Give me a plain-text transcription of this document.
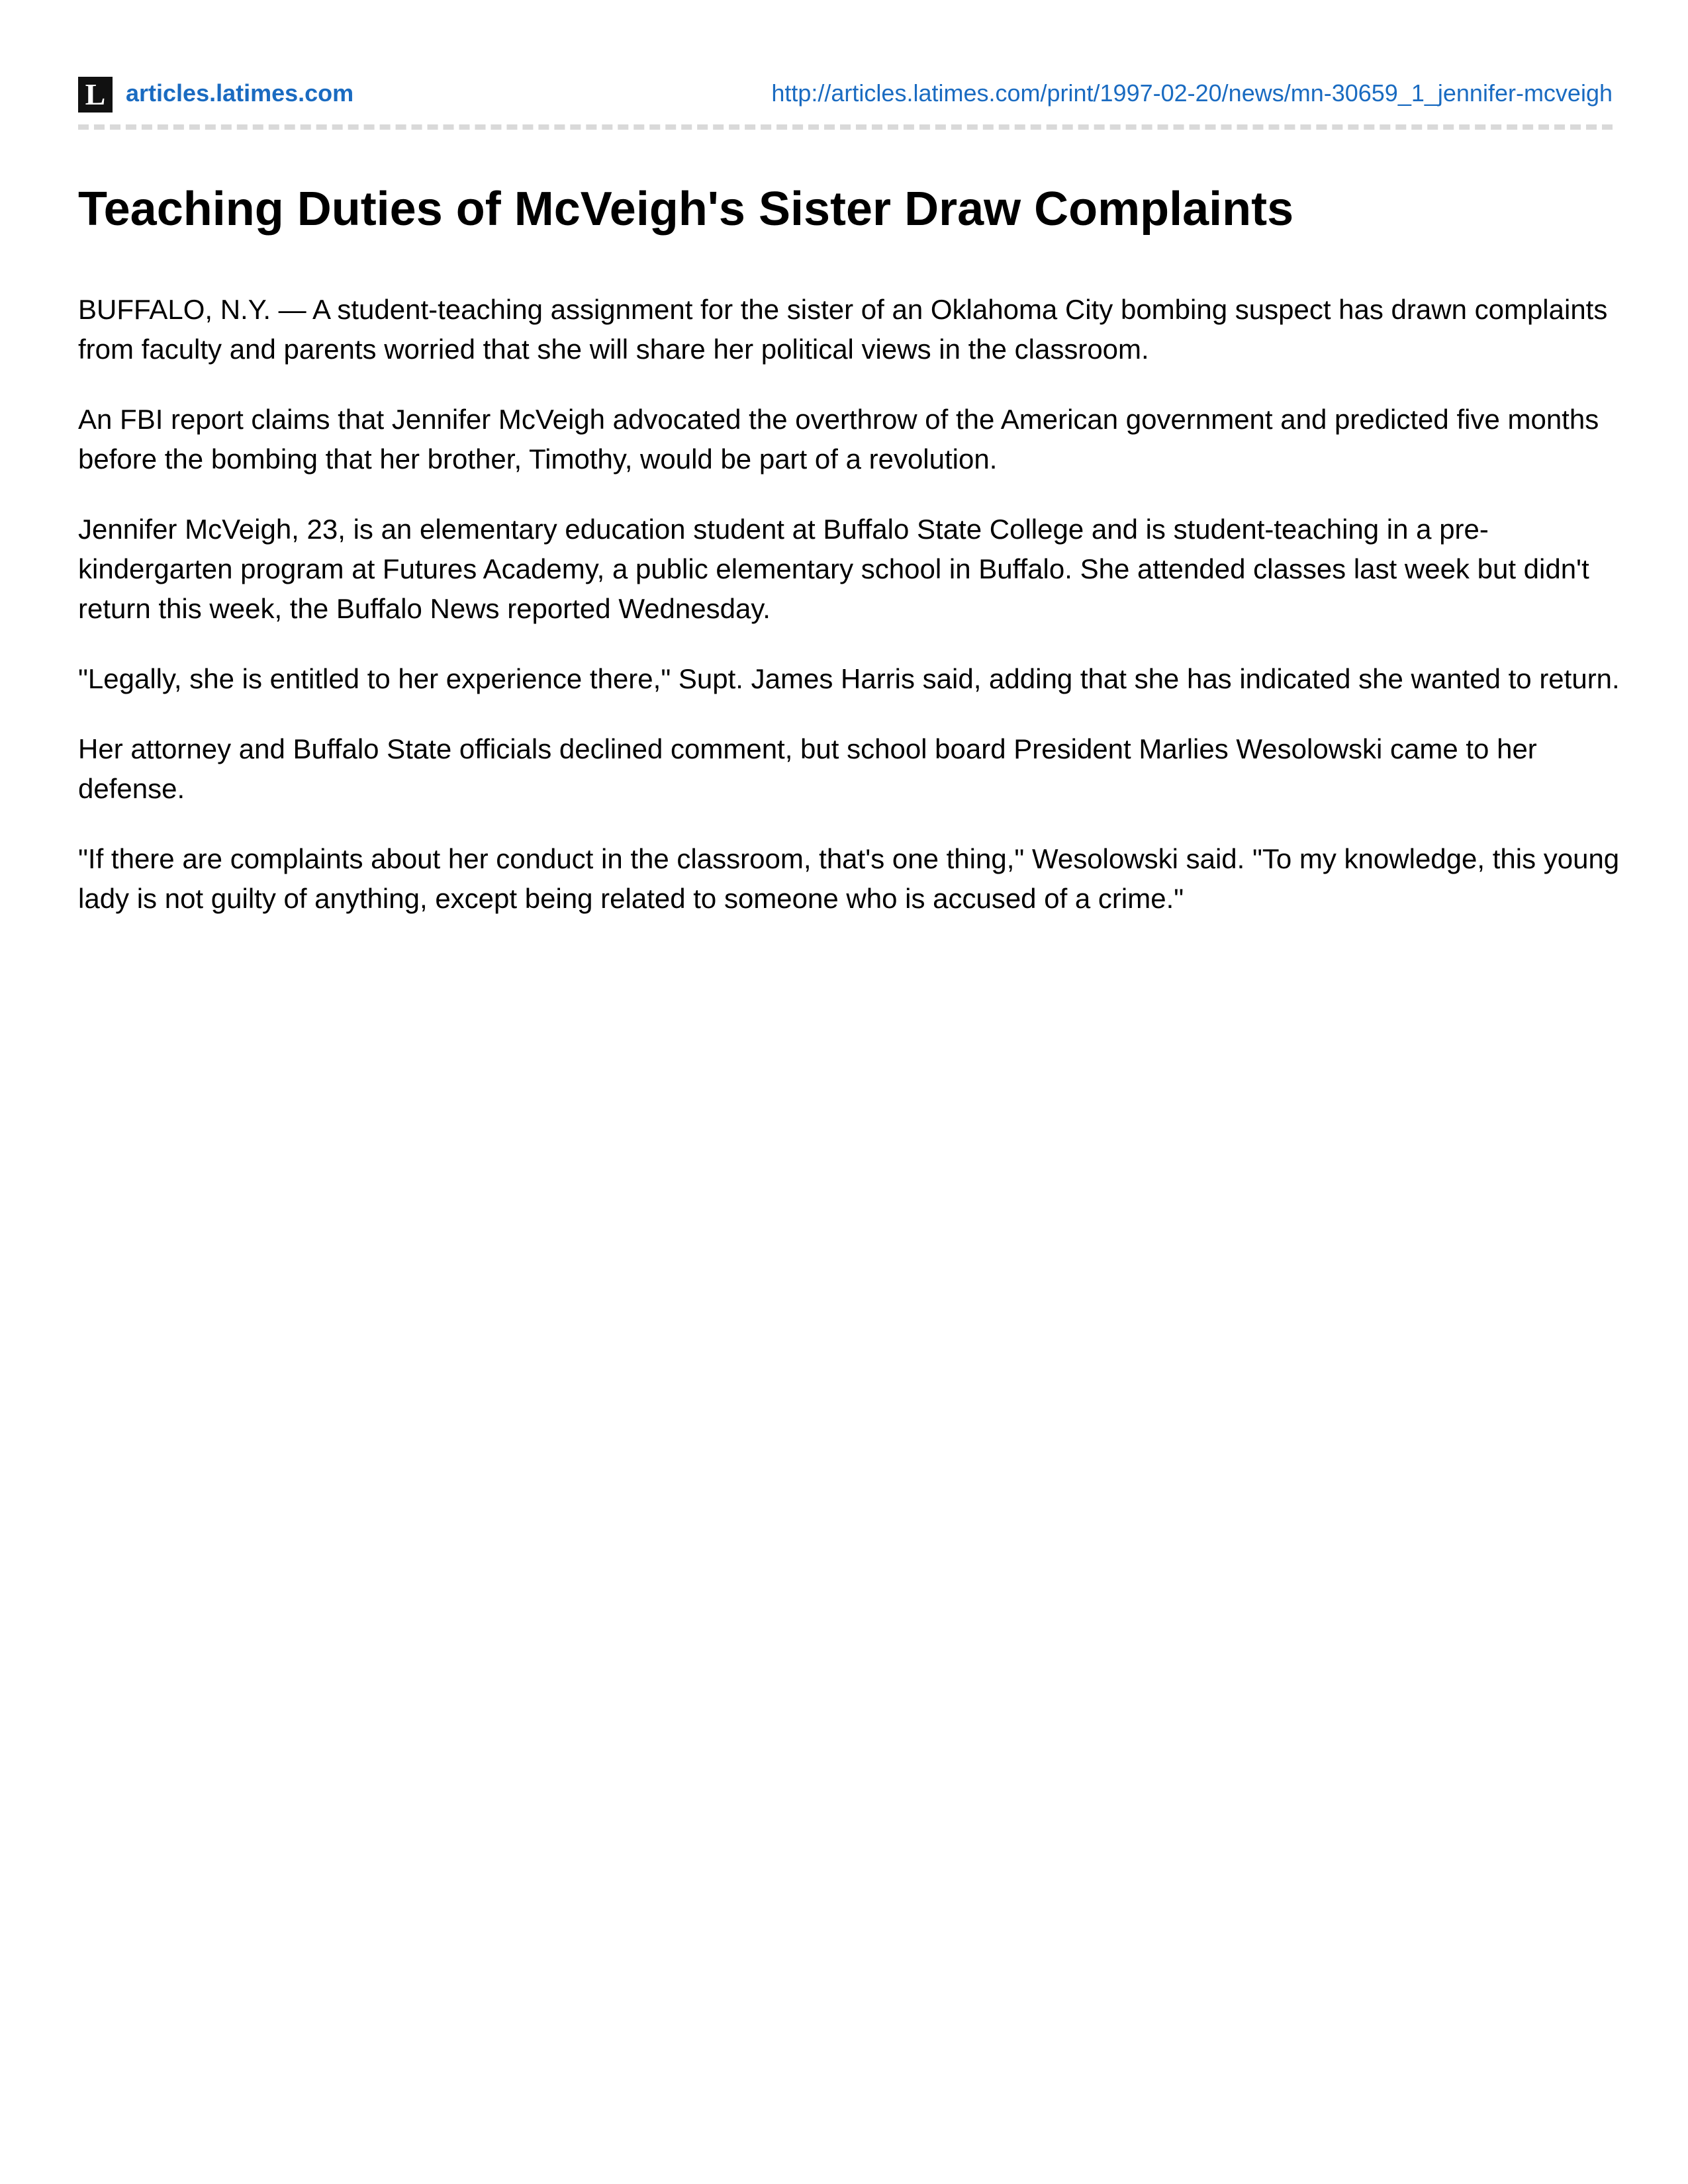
L articles.latimes.com	http://articles.latimes.com/print/1997-02-20/news/mn-30659_1_jennifer-mcveigh
Teaching Duties of McVeigh's Sister Draw Complaints

BUFFALO, N.Y. — A student-teaching assignment for the sister of an Oklahoma City bombing suspect has drawn complaints from faculty and parents worried that she will share her political views in the classroom.

An FBI report claims that Jennifer McVeigh advocated the overthrow of the American government and predicted five months before the bombing that her brother, Timothy, would be part of a revolution.

Jennifer McVeigh, 23, is an elementary education student at Buffalo State College and is student-teaching in a pre-kindergarten program at Futures Academy, a public elementary school in Buffalo. She attended classes last week but didn't return this week, the Buffalo News reported Wednesday.

"Legally, she is entitled to her experience there," Supt. James Harris said, adding that she has indicated she wanted to return.

Her attorney and Buffalo State officials declined comment, but school board President Marlies Wesolowski came to her defense.

"If there are complaints about her conduct in the classroom, that's one thing," Wesolowski said. "To my knowledge, this young lady is not guilty of anything, except being related to someone who is accused of a crime."
